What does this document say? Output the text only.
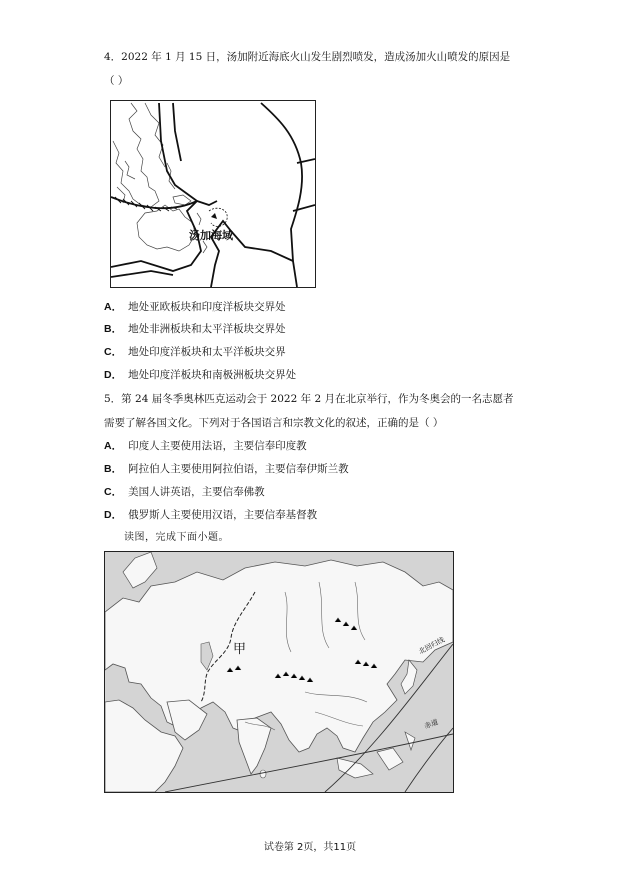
4．2022 年 1 月 15 日，汤加附近海底火山发生剧烈喷发，造成汤加火山喷发的原因是
（ ）
汤加海域
A． 地处亚欧板块和印度洋板块交界处
B． 地处非洲板块和太平洋板块交界处
C． 地处印度洋板块和太平洋板块交界
D． 地处印度洋板块和南极洲板块交界处
5．第 24 届冬季奥林匹克运动会于 2022 年 2 月在北京举行，作为冬奥会的一名志愿者
需要了解各国文化。下列对于各国语言和宗教文化的叙述，正确的是（ ）
A． 印度人主要使用法语，主要信奉印度教
B． 阿拉伯人主要使用阿拉伯语，主要信奉伊斯兰教
C． 美国人讲英语，主要信奉佛教
D． 俄罗斯人主要使用汉语，主要信奉基督教
读图，完成下面小题。
甲	北回归线
赤道
试卷第 2页，共11页
